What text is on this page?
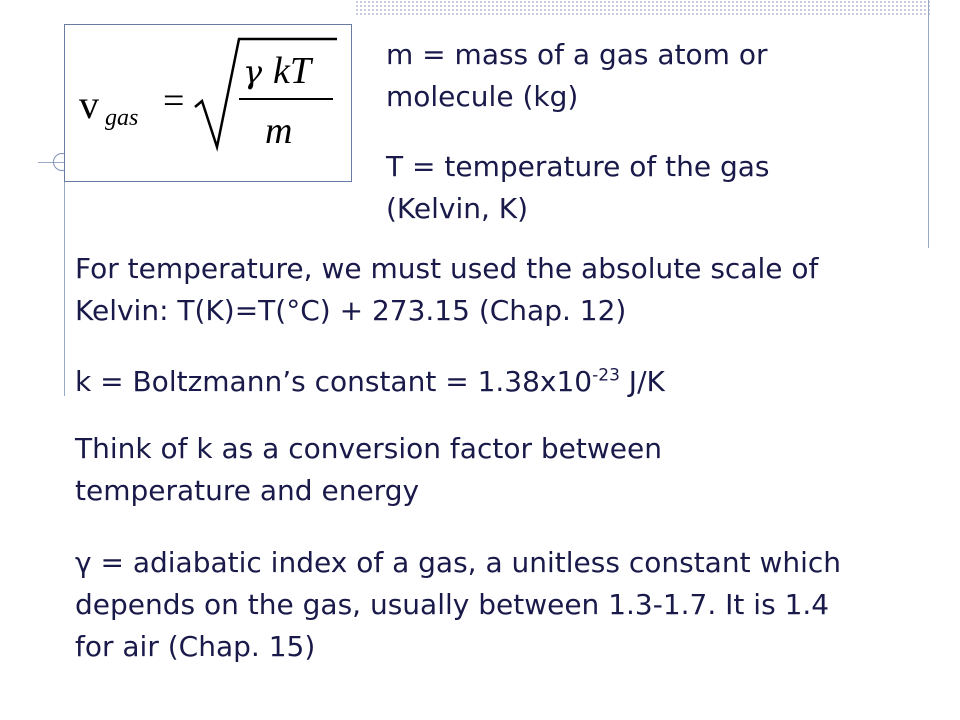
v gas =
γ kT
m

m = mass of a gas atom or molecule (kg)

T = temperature of the gas (Kelvin, K)

For temperature, we must used the absolute scale of Kelvin: T(K)=T(°C) + 273.15 (Chap. 12)

k = Boltzmann’s constant = $1.38x10^{-23}$ J/K

Think of k as a conversion factor between temperature and energy

γ = adiabatic index of a gas, a unitless constant which depends on the gas, usually between 1.3-1.7. It is 1.4 for air (Chap. 15)
